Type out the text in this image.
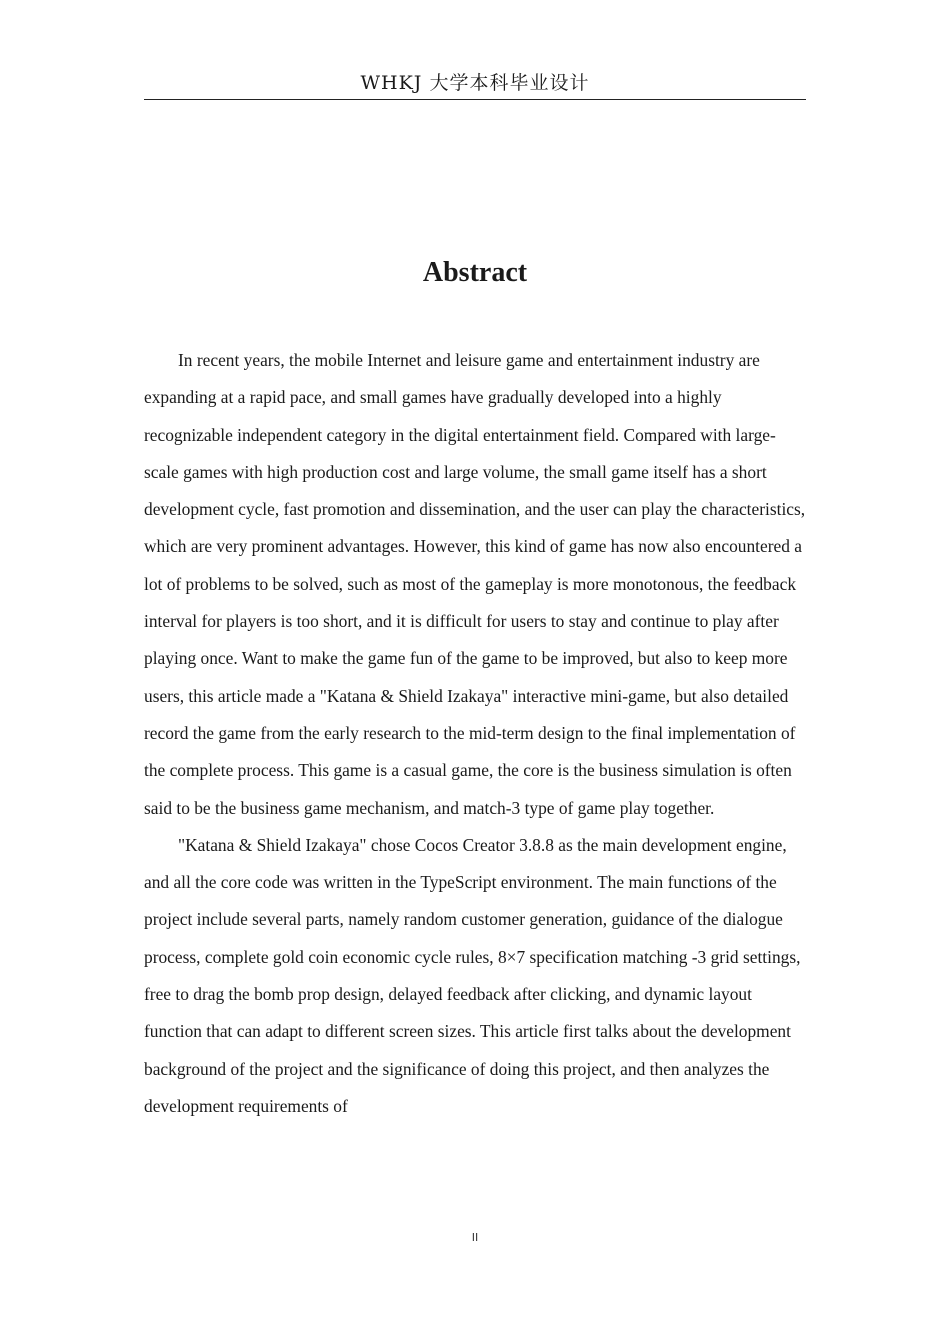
WHKJ 大学本科毕业设计
Abstract

In recent years, the mobile Internet and leisure game and entertainment industry are expanding at a rapid pace, and small games have gradually developed into a highly recognizable independent category in the digital entertainment field. Compared with large-scale games with high production cost and large volume, the small game itself has a short development cycle, fast promotion and dissemination, and the user can play the characteristics, which are very prominent advantages. However, this kind of game has now also encountered a lot of problems to be solved, such as most of the gameplay is more monotonous, the feedback interval for players is too short, and it is difficult for users to stay and continue to play after playing once. Want to make the game fun of the game to be improved, but also to keep more users, this article made a "Katana & Shield Izakaya" interactive mini-game, but also detailed record the game from the early research to the mid-term design to the final implementation of the complete process. This game is a casual game, the core is the business simulation is often said to be the business game mechanism, and match-3 type of game play together.

"Katana & Shield Izakaya" chose Cocos Creator 3.8.8 as the main development engine, and all the core code was written in the TypeScript environment. The main functions of the project include several parts, namely random customer generation, guidance of the dialogue process, complete gold coin economic cycle rules, 8×7 specification matching -3 grid settings, free to drag the bomb prop design, delayed feedback after clicking, and dynamic layout function that can adapt to different screen sizes. This article first talks about the development background of the project and the significance of doing this project, and then analyzes the development requirements of

II
